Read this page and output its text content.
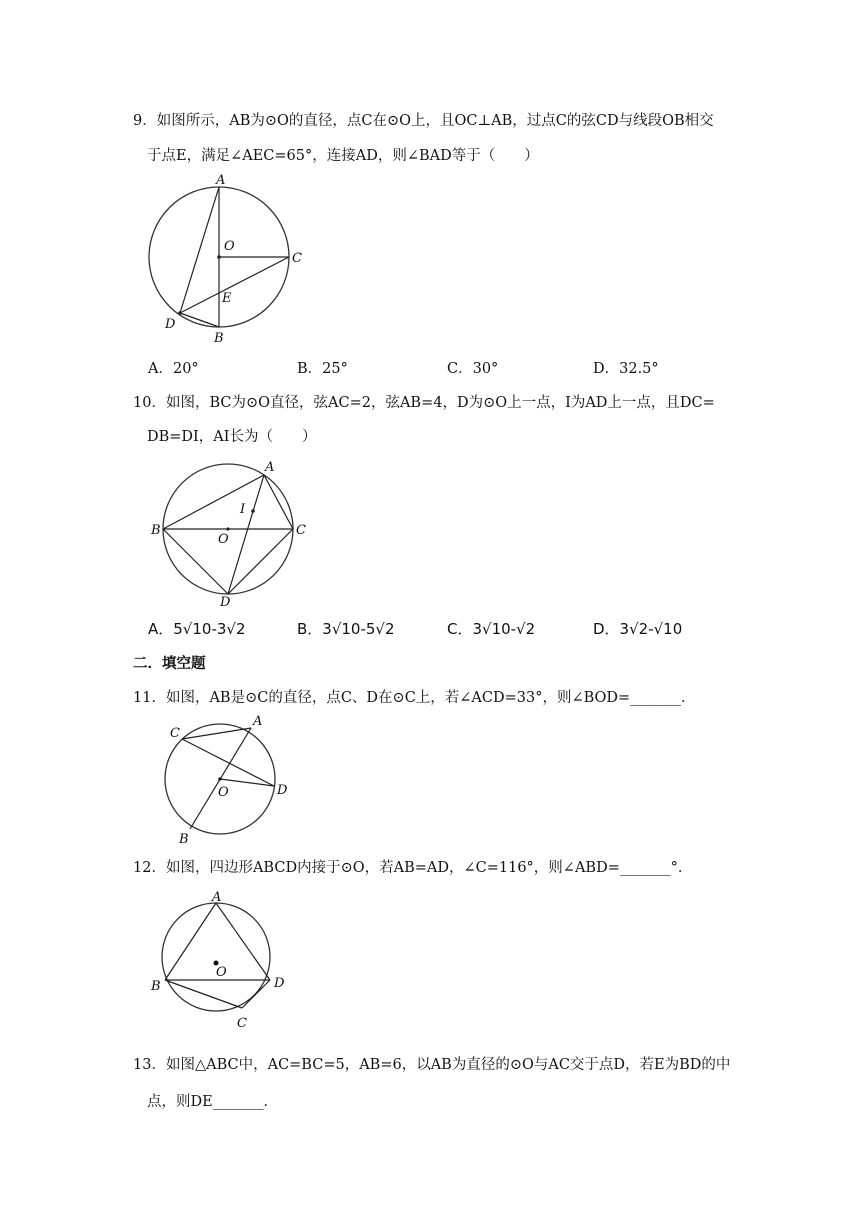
9．如图所示，AB为⊙O的直径，点C在⊙O上，且OC⊥AB，过点C的弦CD与线段OB相交
于点E，满足∠AEC=65°，连接AD，则∠BAD等于（　　）
A
O
C
E
D
B
A．20°	B．25°	C．30°	D．32.5°
10．如图，BC为⊙O直径，弦AC=2，弦AB=4，D为⊙O上一点，I为AD上一点，且DC=
DB=DI，AI长为（　　）
A
I
B
O
C
D
A．5√10-3√2	B．3√10-5√2	C．3√10-√2	D．3√2-√10
二．填空题
11．如图，AB是⊙C的直径，点C、D在⊙C上，若∠ACD=33°，则∠BOD=_______．
C
A
O	D
B
12．如图，四边形ABCD内接于⊙O，若AB=AD，∠C=116°，则∠ABD=_______°．
A
O
B	D
C
13．如图△ABC中，AC=BC=5，AB=6，以AB为直径的⊙O与AC交于点D，若E为BD的中
点，则DE_______．
